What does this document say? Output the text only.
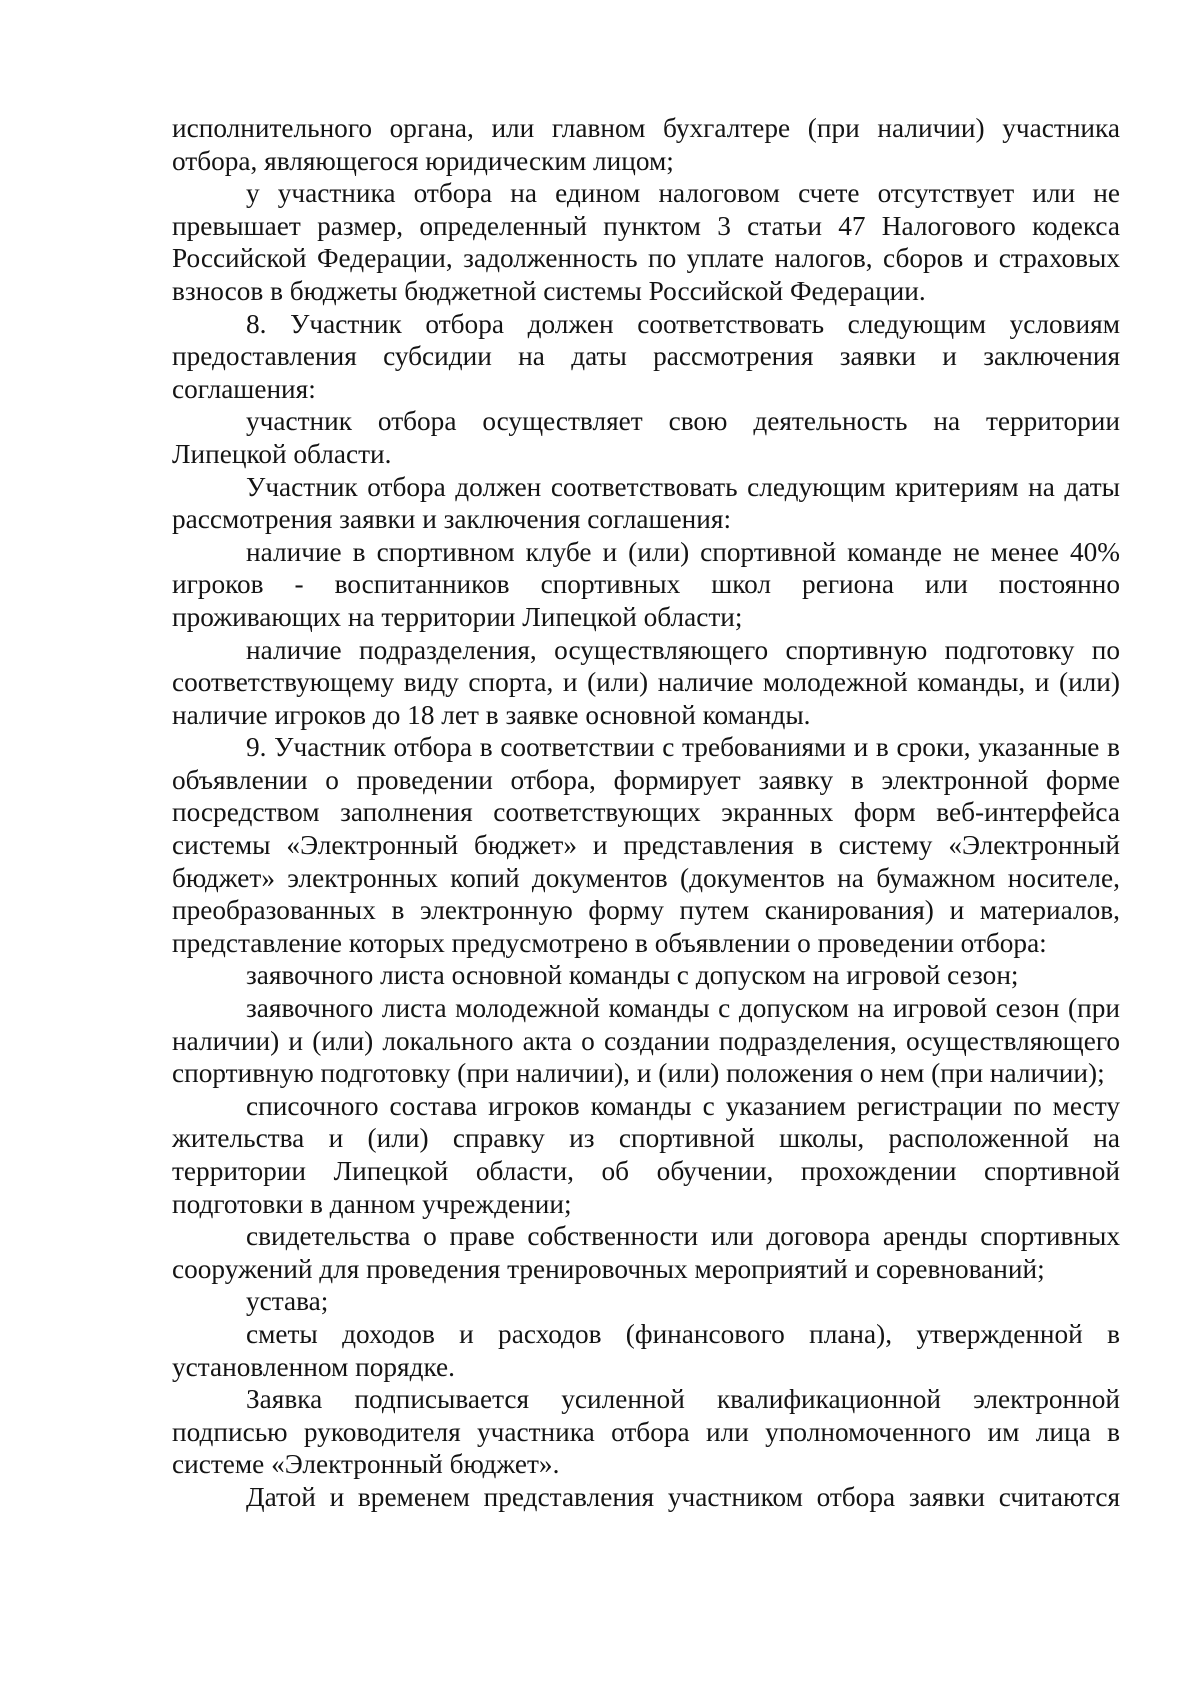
исполнительного органа, или главном бухгалтере (при наличии) участника отбора, являющегося юридическим лицом;

у участника отбора на едином налоговом счете отсутствует или не превышает размер, определенный пунктом 3 статьи 47 Налогового кодекса Российской Федерации, задолженность по уплате налогов, сборов и страховых взносов в бюджеты бюджетной системы Российской Федерации.

8. Участник отбора должен соответствовать следующим условиям предоставления субсидии на даты рассмотрения заявки и заключения соглашения:

участник отбора осуществляет свою деятельность на территории Липецкой области.

Участник отбора должен соответствовать следующим критериям на даты рассмотрения заявки и заключения соглашения:

наличие в спортивном клубе и (или) спортивной команде не менее 40% игроков - воспитанников спортивных школ региона или постоянно проживающих на территории Липецкой области;

наличие подразделения, осуществляющего спортивную подготовку по соответствующему виду спорта, и (или) наличие молодежной команды, и (или) наличие игроков до 18 лет в заявке основной команды.

9. Участник отбора в соответствии с требованиями и в сроки, указанные в объявлении о проведении отбора, формирует заявку в электронной форме посредством заполнения соответствующих экранных форм веб-интерфейса системы «Электронный бюджет» и представления в систему «Электронный бюджет» электронных копий документов (документов на бумажном носителе, преобразованных в электронную форму путем сканирования) и материалов, представление которых предусмотрено в объявлении о проведении отбора:

заявочного листа основной команды с допуском на игровой сезон;

заявочного листа молодежной команды с допуском на игровой сезон (при наличии) и (или) локального акта о создании подразделения, осуществляющего спортивную подготовку (при наличии), и (или) положения о нем (при наличии);

списочного состава игроков команды с указанием регистрации по месту жительства и (или) справку из спортивной школы, расположенной на территории Липецкой области, об обучении, прохождении спортивной подготовки в данном учреждении;

свидетельства о праве собственности или договора аренды спортивных сооружений для проведения тренировочных мероприятий и соревнований;

устава;

сметы доходов и расходов (финансового плана), утвержденной в установленном порядке.

Заявка подписывается усиленной квалификационной электронной подписью руководителя участника отбора или уполномоченного им лица в системе «Электронный бюджет».

Датой и временем представления участником отбора заявки считаются
